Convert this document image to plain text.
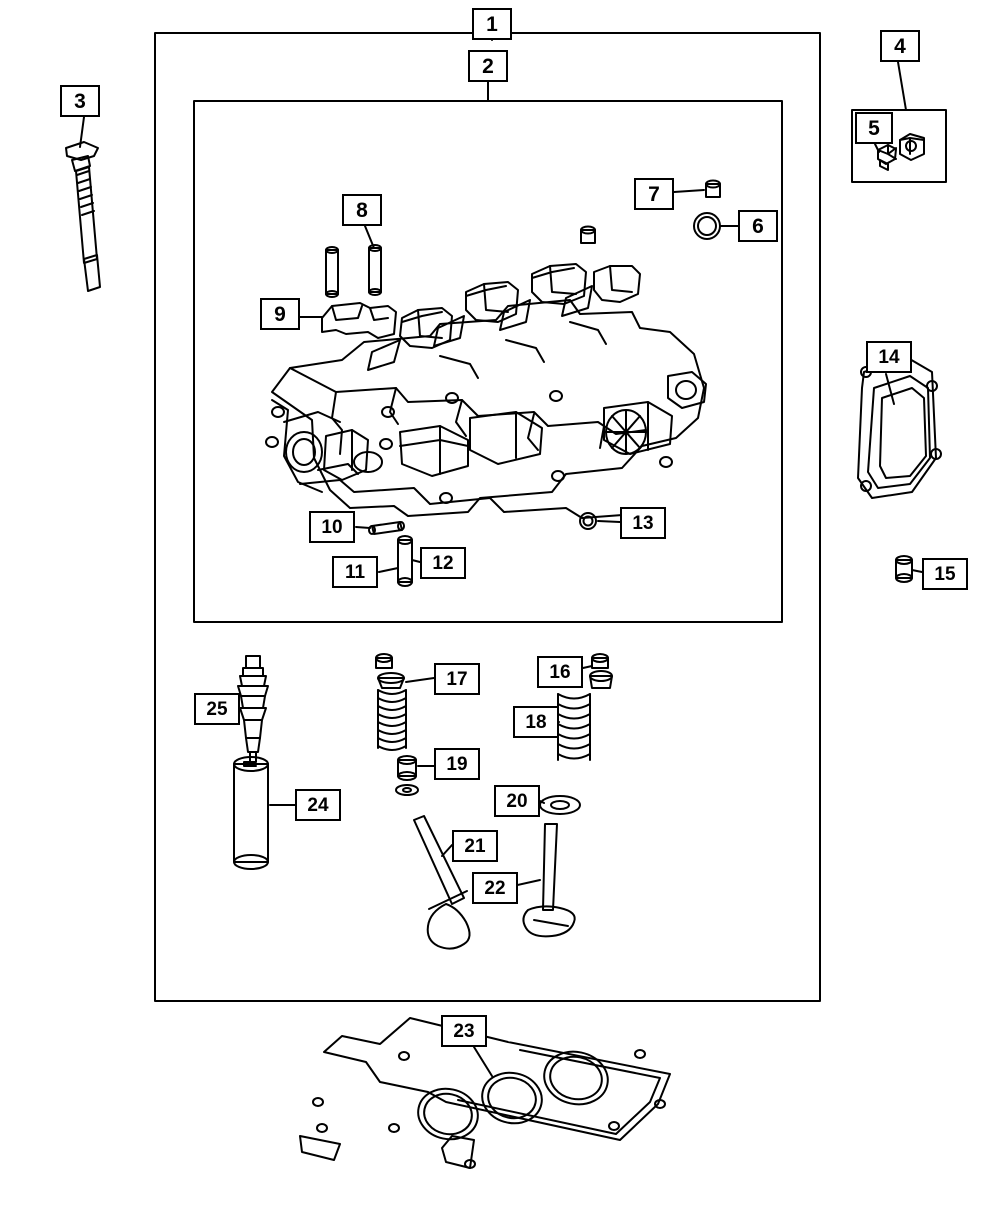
1
2
3
4
5
6
7
8
9
10
11	12
13
14
15
16
17
18
19
20
21
22
23
24
25
